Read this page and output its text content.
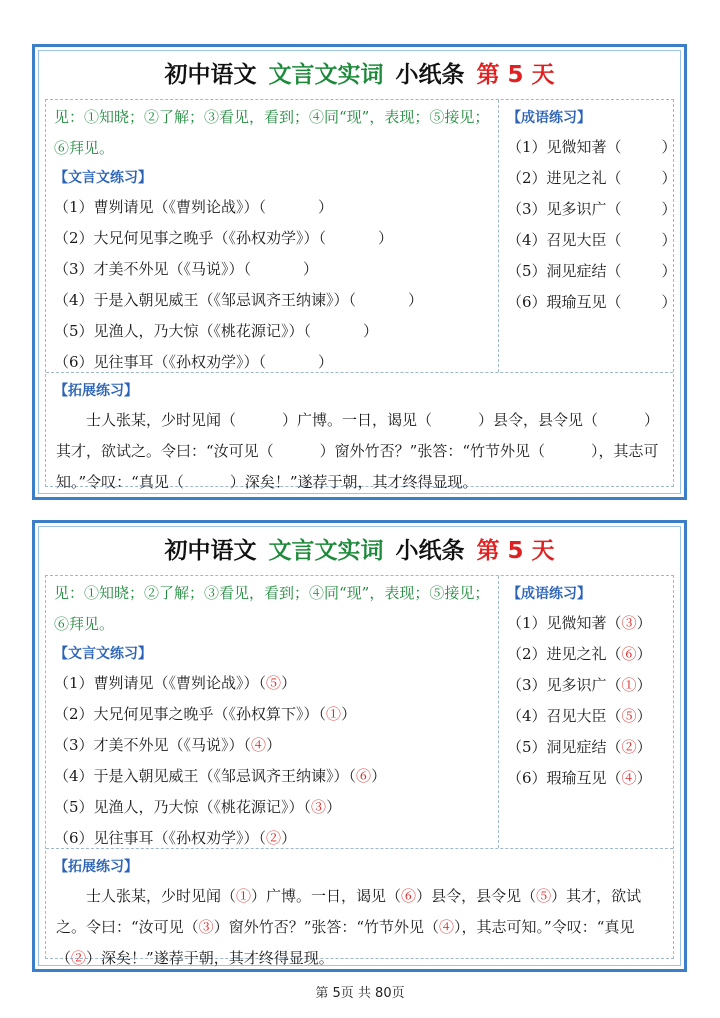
初中语文 文言文实词 小纸条 第 5 天
见：①知晓；②了解；③看见，看到；④同“现”，表现；⑤接见；⑥拜见。
【文言文练习】
（1）曹刿请见（《曹刿论战》）（	）
（2）大兄何见事之晚乎（《孙权劝学》）（	）
（3）才美不外见（《马说》）（	）
（4）于是入朝见威王（《邹忌讽齐王纳谏》）（	）
（5）见渔人，乃大惊（《桃花源记》）（	）
（6）见往事耳（《孙权劝学》）（	）
【成语练习】
（1）见微知著（	）
（2）进见之礼（	）
（3）见多识广（	）
（4）召见大臣（	）
（5）洞见症结（	）
（6）瑕瑜互见（	）
【拓展练习】
士人张某，少时见闻（	）广博。一日，谒见（	）县令，县令见（	）其才，欲试之。令曰：“汝可见（	）窗外竹否？”张答：“竹节外见（	），其志可知。”令叹：“真见（	）深矣！”遂荐于朝，其才终得显现。
初中语文 文言文实词 小纸条 第 5 天
见：①知晓；②了解；③看见，看到；④同“现”，表现；⑤接见；⑥拜见。
【文言文练习】
（1）曹刿请见（《曹刿论战》）（⑤）
（2）大兄何见事之晚乎（《孙权算下》）（①）
（3）才美不外见（《马说》）（④）
（4）于是入朝见威王（《邹忌讽齐王纳谏》）（⑥）
（5）见渔人，乃大惊（《桃花源记》）（③）
（6）见往事耳（《孙权劝学》）（②）
【成语练习】
（1）见微知著（③）
（2）进见之礼（⑥）
（3）见多识广（①）
（4）召见大臣（⑤）
（5）洞见症结（②）
（6）瑕瑜互见（④）
【拓展练习】
士人张某，少时见闻（①）广博。一日，谒见（⑥）县令，县令见（⑤）其才，欲试之。令曰：“汝可见（③）窗外竹否？”张答：“竹节外见（④），其志可知。”令叹：“真见（②）深矣！”遂荐于朝，其才终得显现。
第 5页 共 80页
